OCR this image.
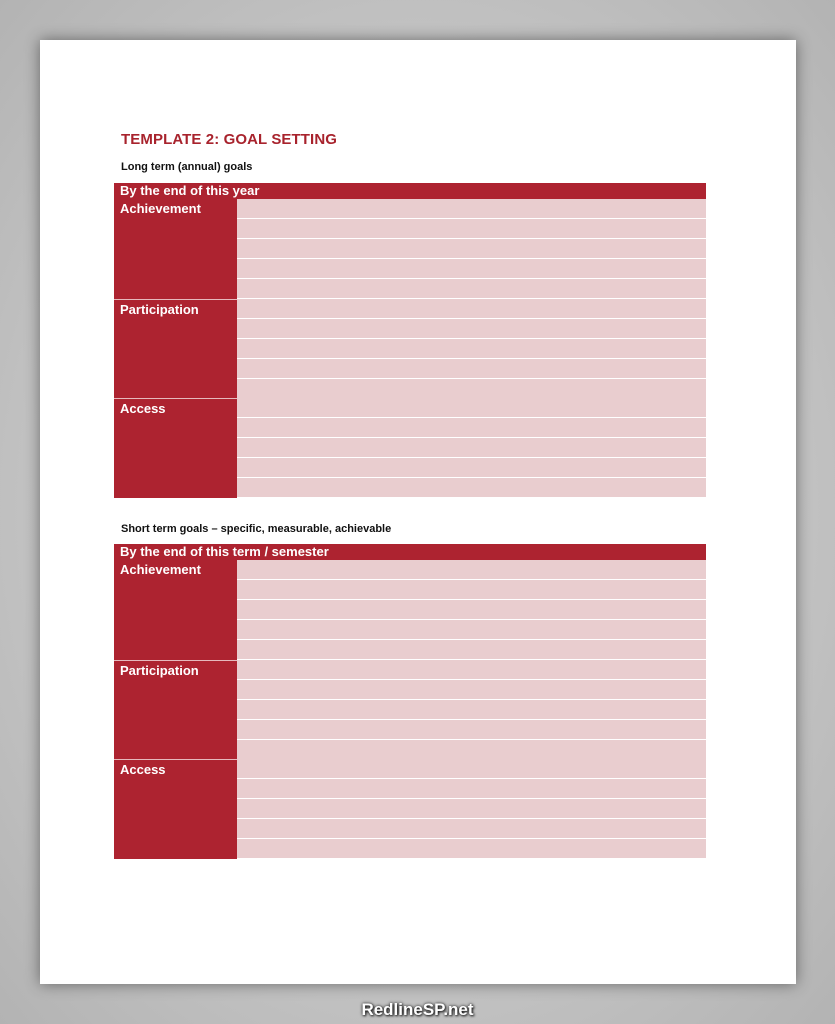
TEMPLATE 2: GOAL SETTING
Long term (annual) goals
By the end of this year
Achievement
Participation
Access
Short term goals – specific, measurable, achievable
By the end of this term / semester
Achievement
Participation
Access
RedlineSP.net
